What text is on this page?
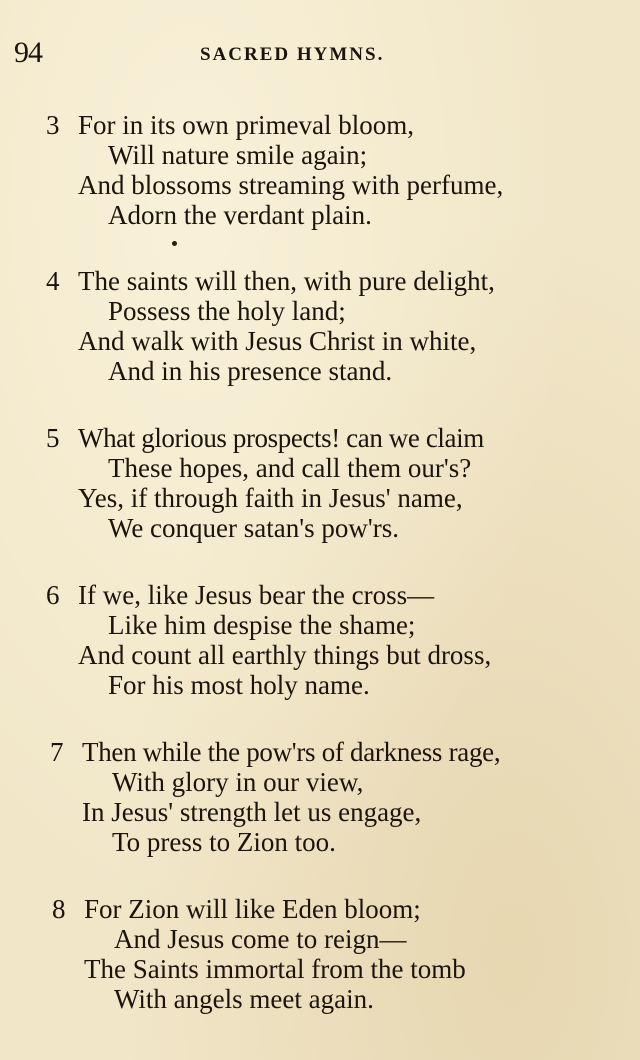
94	SACRED HYMNS.
3 For in its own primeval bloom,
Will nature smile again;
And blossoms streaming with perfume,
Adorn the verdant plain.
4 The saints will then, with pure delight,
Possess the holy land;
And walk with Jesus Christ in white,
And in his presence stand.
5 What glorious prospects! can we claim
These hopes, and call them our's?
Yes, if through faith in Jesus' name,
We conquer satan's pow'rs.
6 If we, like Jesus bear the cross—
Like him despise the shame;
And count all earthly things but dross,
For his most holy name.
7 Then while the pow'rs of darkness rage,
With glory in our view,
In Jesus' strength let us engage,
To press to Zion too.
8 For Zion will like Eden bloom;
And Jesus come to reign—
The Saints immortal from the tomb
With angels meet again.
